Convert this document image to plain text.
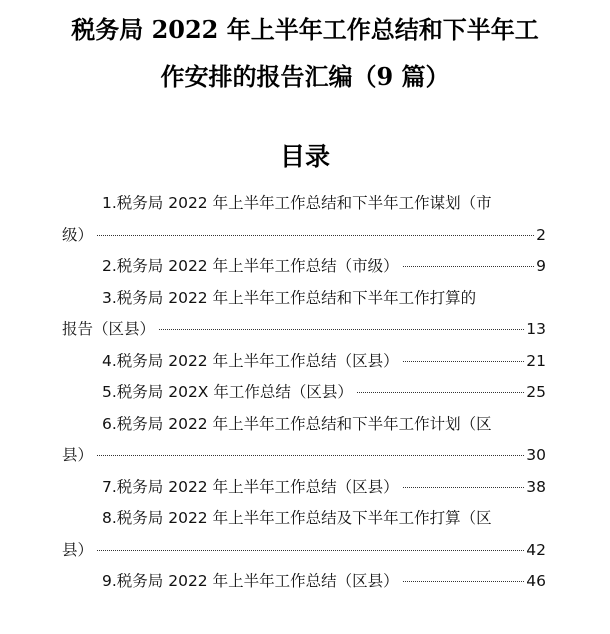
税务局 2022 年上半年工作总结和下半年工
作安排的报告汇编（9 篇）
目录
1.税务局 2022 年上半年工作总结和下半年工作谋划（市
级）	2
2.税务局 2022 年上半年工作总结（市级）	9
3.税务局 2022 年上半年工作总结和下半年工作打算的
报告（区县）	13
4.税务局 2022 年上半年工作总结（区县）	21
5.税务局 202X 年工作总结（区县）	25
6.税务局 2022 年上半年工作总结和下半年工作计划（区
县）	30
7.税务局 2022 年上半年工作总结（区县）	38
8.税务局 2022 年上半年工作总结及下半年工作打算（区
县）	42
9.税务局 2022 年上半年工作总结（区县）	46
